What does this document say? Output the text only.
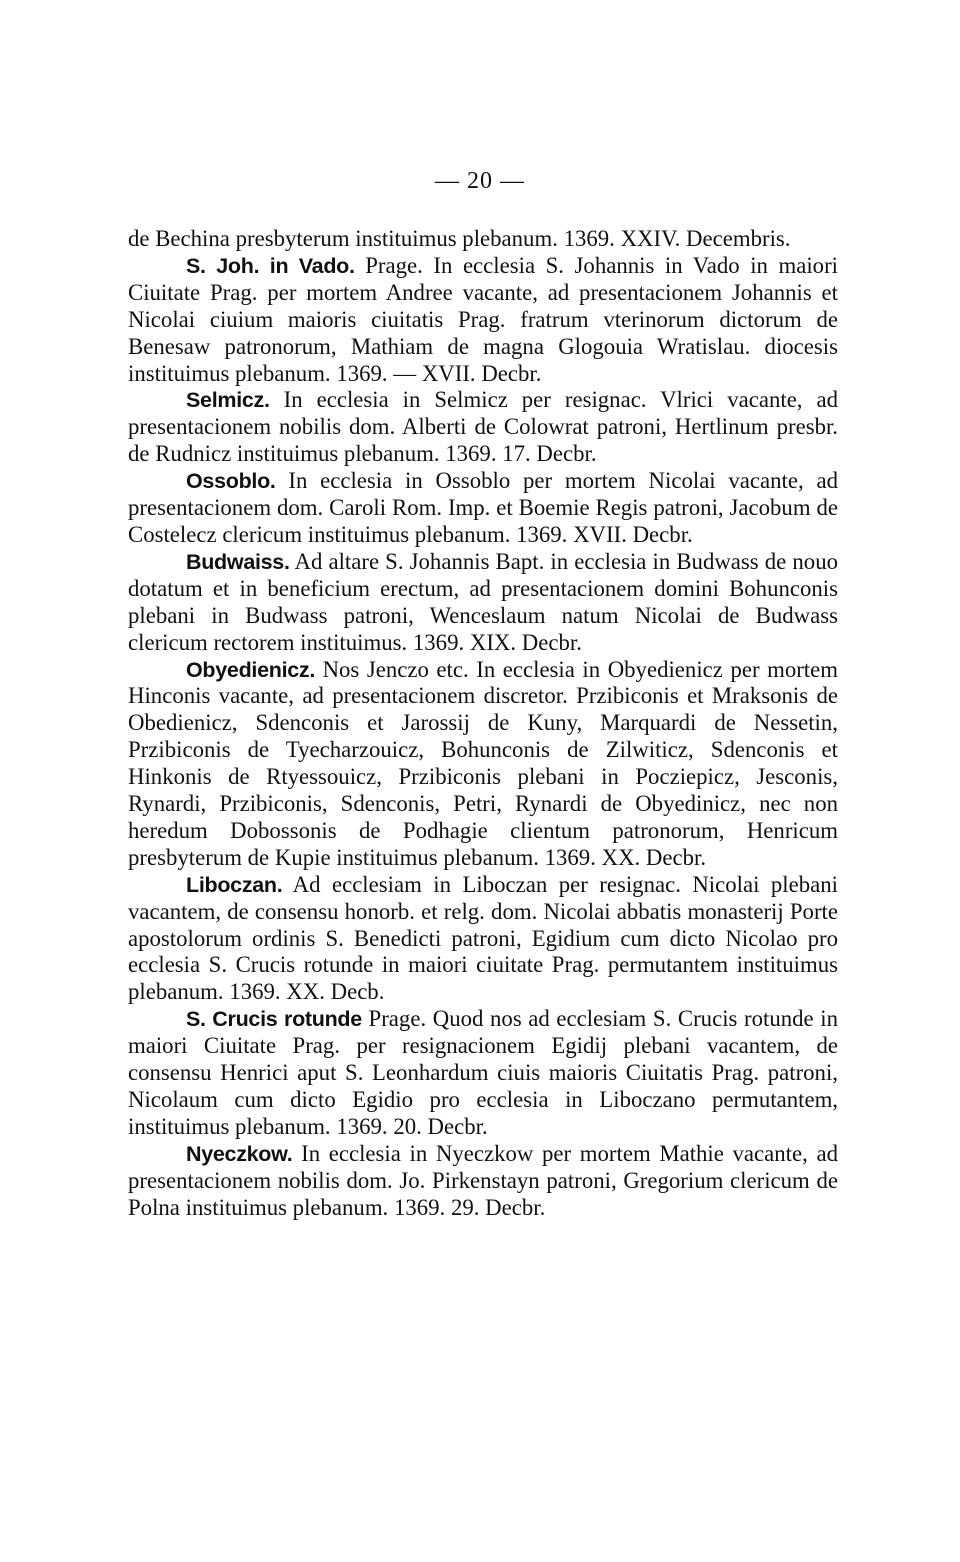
— 20 —

de Bechina presbyterum instituimus plebanum. 1369. XXIV. Decembris.

S. Joh. in Vado. Prage. In ecclesia S. Johannis in Vado in maiori Ciuitate Prag. per mortem Andree vacante, ad presentacionem Johannis et Nicolai ciuium maioris ciuitatis Prag. fratrum vterinorum dictorum de Benesaw patronorum, Mathiam de magna Glogouia Wratislau. diocesis instituimus plebanum. 1369. — XVII. Decbr.

Selmicz. In ecclesia in Selmicz per resignac. Vlrici vacante, ad presentacionem nobilis dom. Alberti de Colowrat patroni, Hertlinum presbr. de Rudnicz instituimus plebanum. 1369. 17. Decbr.

Ossoblo. In ecclesia in Ossoblo per mortem Nicolai vacante, ad presentacionem dom. Caroli Rom. Imp. et Boemie Regis patroni, Jacobum de Costelecz clericum instituimus plebanum. 1369. XVII. Decbr.

Budwaiss. Ad altare S. Johannis Bapt. in ecclesia in Budwass de nouo dotatum et in beneficium erectum, ad presentacionem domini Bohunconis plebani in Budwass patroni, Wenceslaum natum Nicolai de Budwass clericum rectorem instituimus. 1369. XIX. Decbr.

Obyedienicz. Nos Jenczo etc. In ecclesia in Obyedienicz per mortem Hinconis vacante, ad presentacionem discretor. Przibiconis et Mraksonis de Obedienicz, Sdenconis et Jarossij de Kuny, Marquardi de Nessetin, Przibiconis de Tyecharzouicz, Bohunconis de Zilwiticz, Sdenconis et Hinkonis de Rtyessouicz, Przibiconis plebani in Pocziepicz, Jesconis, Rynardi, Przibiconis, Sdenconis, Petri, Rynardi de Obyedinicz, nec non heredum Dobossonis de Podhagie clientum patronorum, Henricum presbyterum de Kupie instituimus plebanum. 1369. XX. Decbr.

Liboczan. Ad ecclesiam in Liboczan per resignac. Nicolai plebani vacantem, de consensu honorb. et relg. dom. Nicolai abbatis monasterij Porte apostolorum ordinis S. Benedicti patroni, Egidium cum dicto Nicolao pro ecclesia S. Crucis rotunde in maiori ciuitate Prag. permutantem instituimus plebanum. 1369. XX. Decb.

S. Crucis rotunde Prage. Quod nos ad ecclesiam S. Crucis rotunde in maiori Ciuitate Prag. per resignacionem Egidij plebani vacantem, de consensu Henrici aput S. Leonhardum ciuis maioris Ciuitatis Prag. patroni, Nicolaum cum dicto Egidio pro ecclesia in Liboczano permutantem, instituimus plebanum. 1369. 20. Decbr.

Nyeczkow. In ecclesia in Nyeczkow per mortem Mathie vacante, ad presentacionem nobilis dom. Jo. Pirkenstayn patroni, Gregorium clericum de Polna instituimus plebanum. 1369. 29. Decbr.
